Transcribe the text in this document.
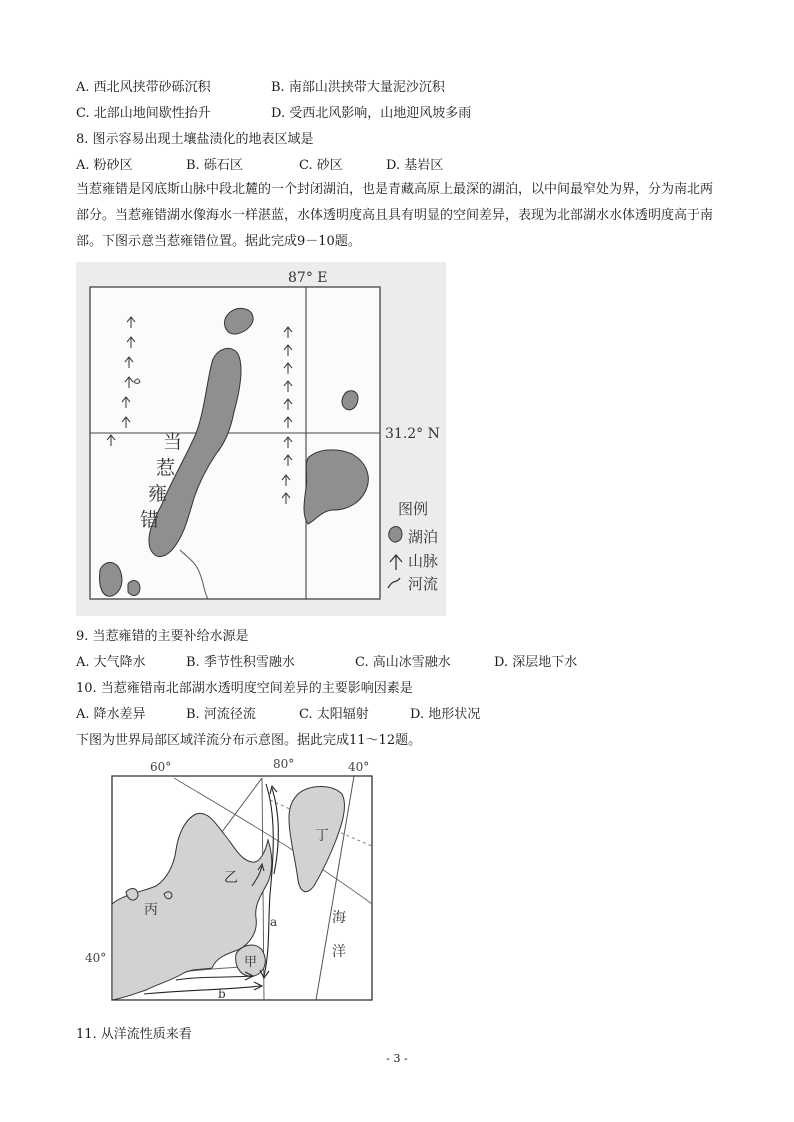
A. 西北风挟带砂砾沉积	B. 南部山洪挟带大量泥沙沉积
C. 北部山地间歇性抬升	D. 受西北风影响，山地迎风坡多雨
8. 图示容易出现土壤盐渍化的地表区域是
A. 粉砂区	B. 砾石区	C. 砂区	D. 基岩区
当惹雍错是冈底斯山脉中段北麓的一个封闭湖泊，也是青藏高原上最深的湖泊，以中间最窄处为界，分为南北两部分。当惹雍错湖水像海水一样湛蓝，水体透明度高且具有明显的空间差异，表现为北部湖水水体透明度高于南部。下图示意当惹雍错位置。据此完成9－10题。
87° E
当
惹
雍
错
31.2° N
图例
湖泊
山脉
河流
9. 当惹雍错的主要补给水源是
A. 大气降水	B. 季节性积雪融水	C. 高山冰雪融水	D. 深层地下水
10. 当惹雍错南北部湖水透明度空间差异的主要影响因素是
A. 降水差异	B. 河流径流	C. 太阳辐射	D. 地形状况
下图为世界局部区域洋流分布示意图。据此完成11～12题。
60°	80°	40°
40°
丁
乙
丙
甲
a
b
海
洋
11. 从洋流性质来看
- 3 -
